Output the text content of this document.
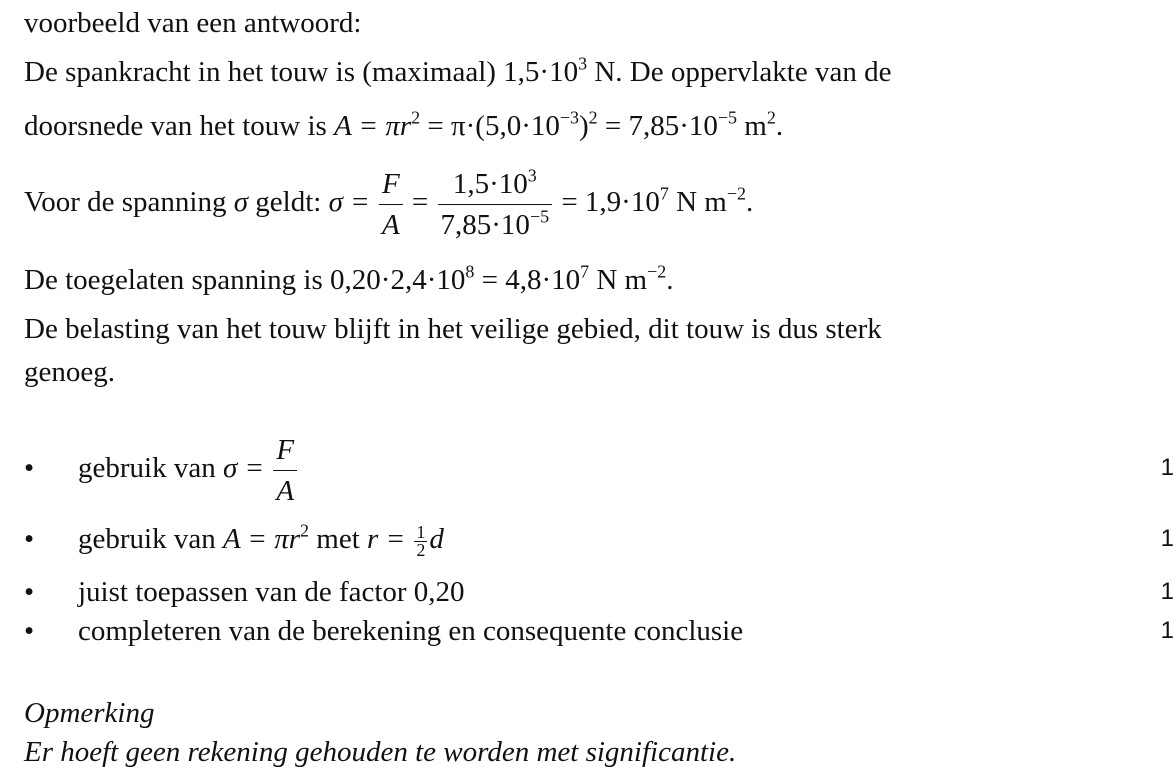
voorbeeld van een antwoord:
De spankracht in het touw is (maximaal) $1,5\cdot 10^3$ N. De oppervlakte van de
doorsnede van het touw is $A = \pi r^2 = \pi\cdot(5,0\cdot 10^{-3})^2 = 7,85\cdot 10^{-5}$ $m^2$.
Voor de spanning σ geldt: $\sigma = \frac{F}{A} = \frac{1,5\cdot 10^3}{7,85\cdot 10^{-5}} = 1,9\cdot 10^7$ N $m^{-2}$.
De toegelaten spanning is $0,20\cdot 2,4\cdot 10^8 = 4,8\cdot 10^7$ N $m^{-2}$.
De belasting van het touw blijft in het veilige gebied, dit touw is dus sterk
genoeg.
• gebruik van $\sigma = \frac{F}{A}$	1
• gebruik van $A = \pi r^2$ met $r = \frac{1}{2}$ d	1
• juist toepassen van de factor 0,20	1
• completeren van de berekening en consequente conclusie	1
Opmerking
Er hoeft geen rekening gehouden te worden met significantie.
